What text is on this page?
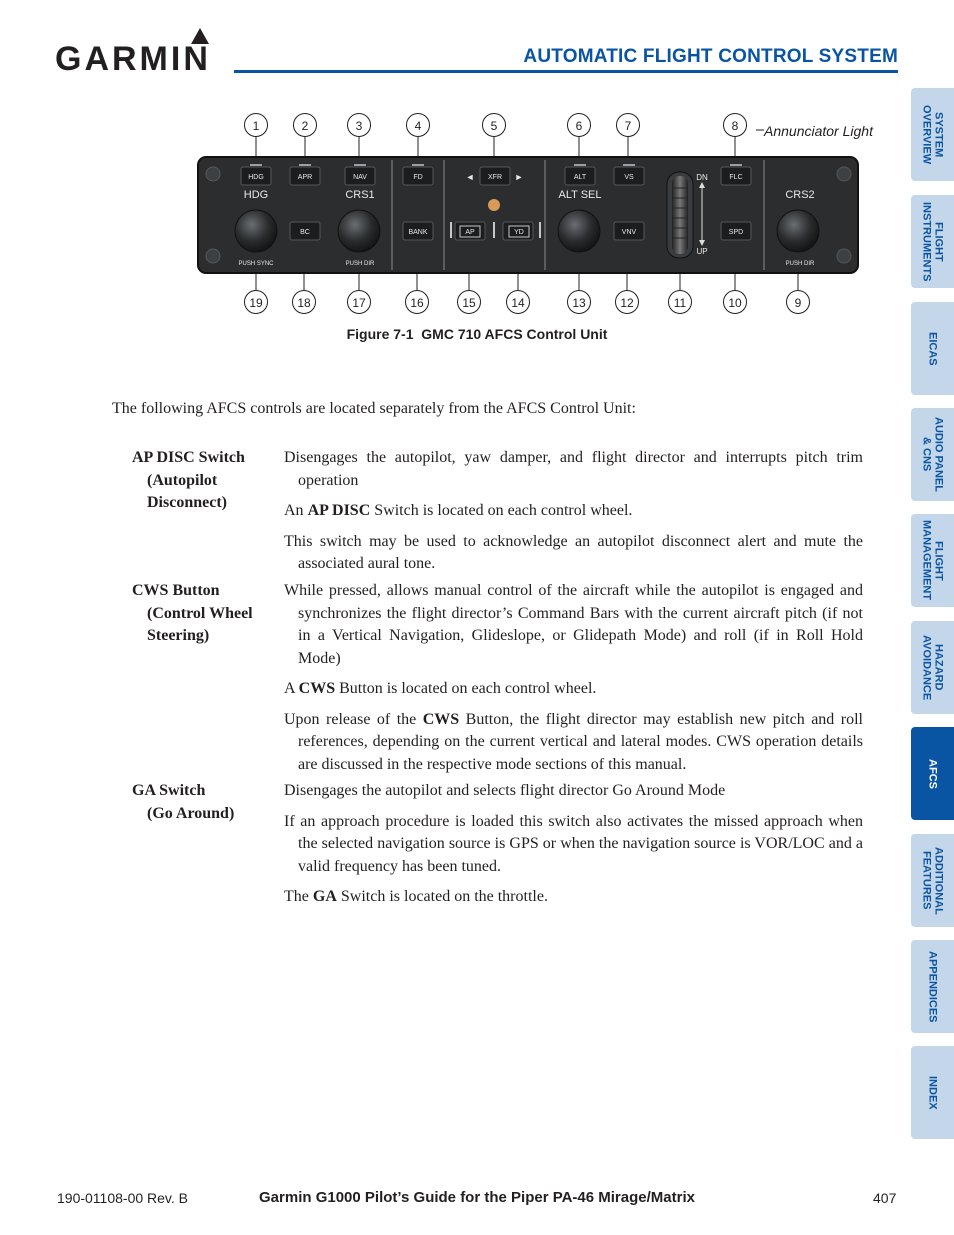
GARMIN	AUTOMATIC FLIGHT CONTROL SYSTEM
SYSTEM
OVERVIEW
FLIGHT
INSTRUMENTS
EICAS
AUDIO PANEL
& CNS
FLIGHT
MANAGEMENT
HAZARD
AVOIDANCE
AFCS
ADDITIONAL
FEATURES
APPENDICES
INDEX
HDG	APR	NAV	FD	XFR	ALT	VS	FLC
BC	BANK	AP	YD	VNV	SPD
HDG	CRS1	ALT SEL	CRS2
PUSH SYNC	PUSH DIR	PUSH DIR
DN
UP
◄	►
1	2	3	4	5	6	7	8	Annunciator Light
19	18	17	16	15	14	13	12	11	10	9
Figure 7-1 GMC 710 AFCS Control Unit
The following AFCS controls are located separately from the AFCS Control Unit:
AP DISC Switch
(Autopilot
Disconnect)

Disengages the autopilot, yaw damper, and flight director and interrupts pitch trim operation

An AP DISC Switch is located on each control wheel.

This switch may be used to acknowledge an autopilot disconnect alert and mute the associated aural tone.

CWS Button
(Control Wheel
Steering)

While pressed, allows manual control of the aircraft while the autopilot is engaged and synchronizes the flight director’s Command Bars with the current aircraft pitch (if not in a Vertical Navigation, Glideslope, or Glidepath Mode) and roll (if in Roll Hold Mode)

A CWS Button is located on each control wheel.

Upon release of the CWS Button, the flight director may establish new pitch and roll references, depending on the current vertical and lateral modes. CWS operation details are discussed in the respective mode sections of this manual.

GA Switch
(Go Around)

Disengages the autopilot and selects flight director Go Around Mode

If an approach procedure is loaded this switch also activates the missed approach when the selected navigation source is GPS or when the navigation source is VOR/LOC and a valid frequency has been tuned.

The GA Switch is located on the throttle.

190-01108-00 Rev. B	Garmin G1000 Pilot’s Guide for the Piper PA-46 Mirage/Matrix	407
